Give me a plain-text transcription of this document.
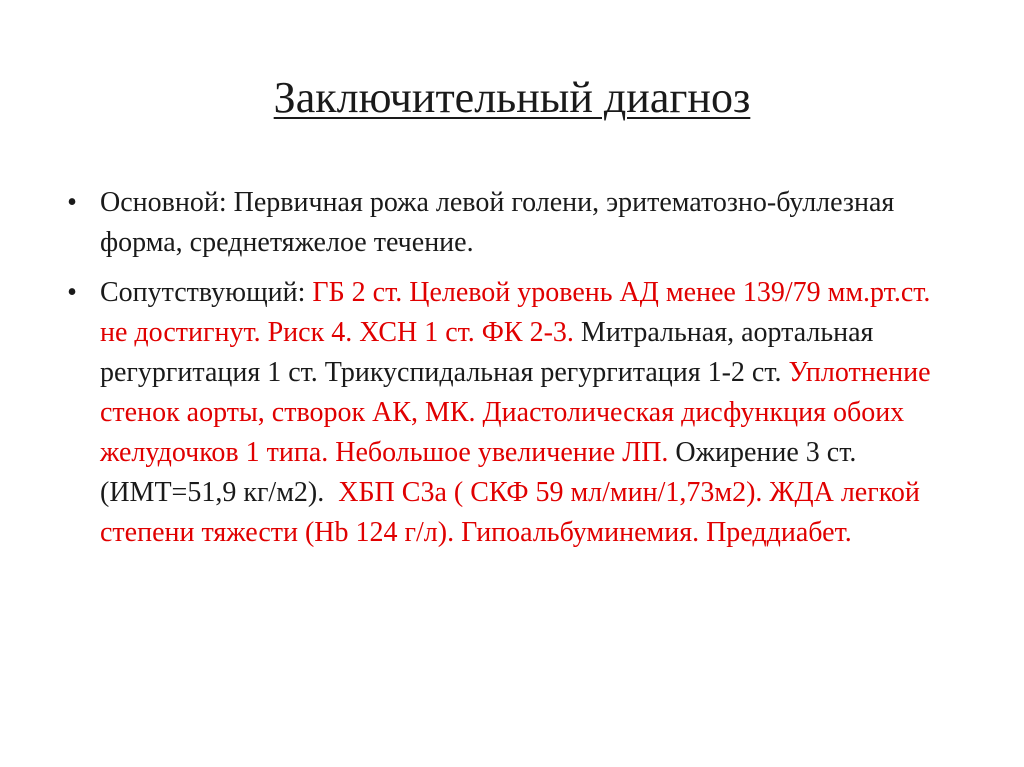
Заключительный диагноз
• Основной: Первичная рожа левой голени, эритематозно-буллезная форма, среднетяжелое течение.
• Сопутствующий: ГБ 2 ст. Целевой уровень АД менее 139/79 мм.рт.ст. не достигнут. Риск 4. ХСН 1 ст. ФК 2-3. Митральная, аортальная регургитация 1 ст. Трикуспидальная регургитация 1-2 ст. Уплотнение стенок аорты, створок АК, МК. Диастолическая дисфункция обоих желудочков 1 типа. Небольшое увеличение ЛП. Ожирение 3 ст. (ИМТ=51,9 кг/м2).  ХБП С3а ( СКФ 59 мл/мин/1,73м2). ЖДА легкой степени тяжести (Hb 124 г/л). Гипоальбуминемия. Преддиабет.
